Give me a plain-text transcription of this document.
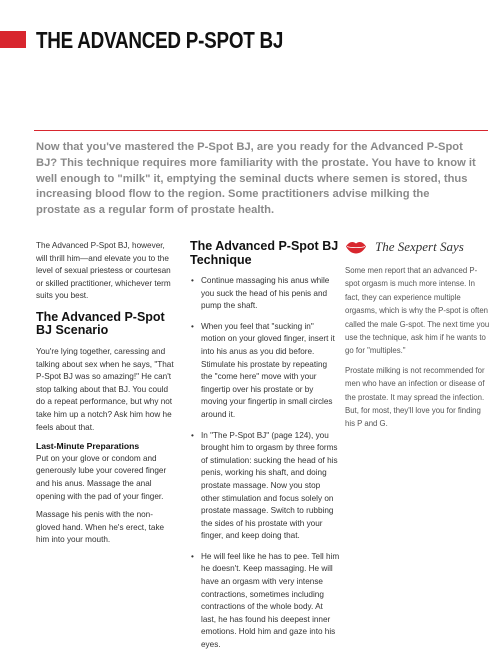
THE ADVANCED P-SPOT BJ
Now that you've mastered the P-Spot BJ, are you ready for the Advanced P-Spot BJ? This technique requires more familiarity with the prostate. You have to know it well enough to "milk" it, emptying the seminal ducts where semen is stored, thus increasing blood flow to the region. Some practitioners advise milking the prostate as a regular form of prostate health.

The Advanced P-Spot BJ, however, will thrill him—and elevate you to the level of sexual priestess or courtesan or skilled practitioner, whichever term suits you best.

The Advanced P-Spot BJ Scenario

You're lying together, caressing and talking about sex when he says, "That P-Spot BJ was so amazing!" He can't stop talking about that BJ. You could do a repeat performance, but why not take him up a notch? Ask him how he feels about that.

Last-Minute Preparations

Put on your glove or condom and generously lube your covered finger and his anus. Massage the anal opening with the pad of your finger.

Massage his penis with the non-gloved hand. When he's erect, take him into your mouth.

The Advanced P-Spot BJ Technique
• Continue massaging his anus while you suck the head of his penis and pump the shaft.
• When you feel that "sucking in" motion on your gloved finger, insert it into his anus as you did before. Stimulate his prostate by repeating the "come here" move with your fingertip over his prostate or by moving your fingertip in small circles around it.
• In "The P-Spot BJ" (page 124), you brought him to orgasm by three forms of stimulation: sucking the head of his penis, working his shaft, and doing prostate massage. Now you stop other stimulation and focus solely on prostate massage. Switch to rubbing the sides of his prostate with your finger, and keep doing that.
• He will feel like he has to pee. Tell him he doesn't. Keep massaging. He will have an orgasm with very intense contractions, sometimes including contractions of the whole body. At last, he has found his deepest inner emotions. Hold him and gaze into his eyes.
The Sexpert Says

Some men report that an advanced P-spot orgasm is much more intense. In fact, they can experience multiple orgasms, which is why the P-spot is often called the male G-spot. The next time you use the technique, ask him if he wants to go for "multiples."

Prostate milking is not recommended for men who have an infection or disease of the prostate. It may spread the infection. But, for most, they'll love you for finding his P and G.
